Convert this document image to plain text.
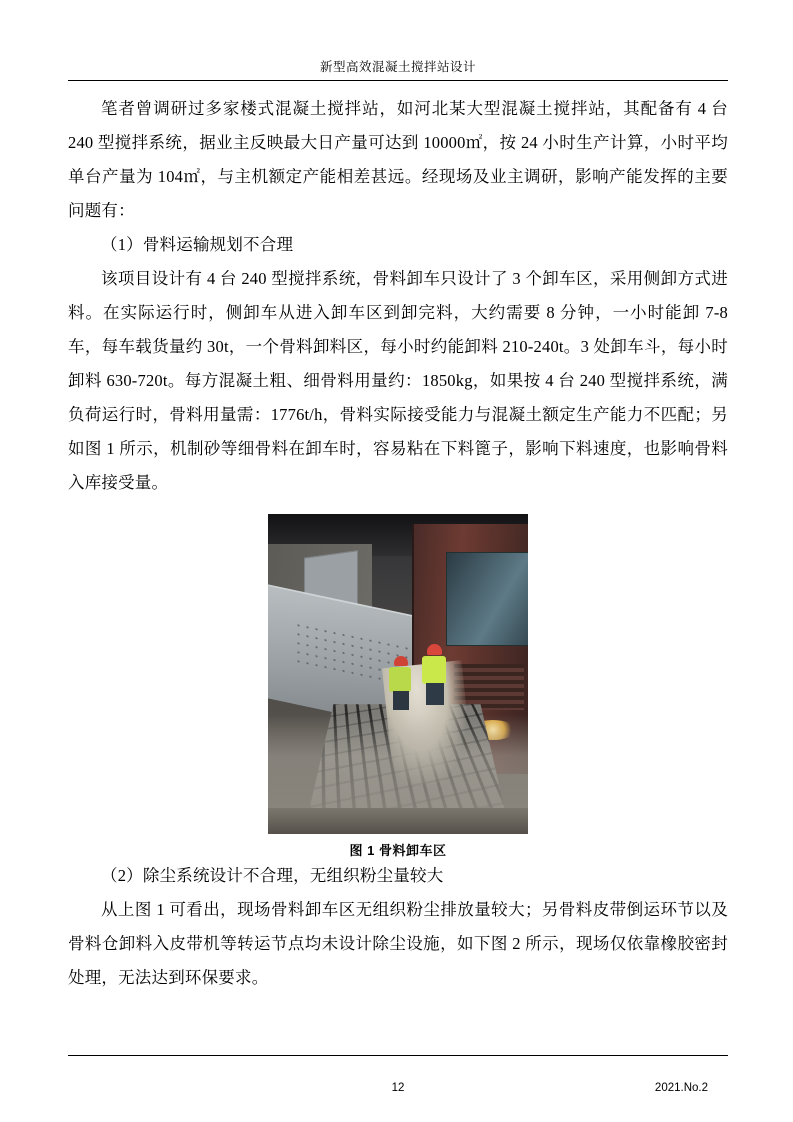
新型高效混凝土搅拌站设计

笔者曾调研过多家楼式混凝土搅拌站，如河北某大型混凝土搅拌站，其配备有 4 台 240 型搅拌系统，据业主反映最大日产量可达到 10000㎡，按 24 小时生产计算，小时平均单台产量为 104㎡，与主机额定产能相差甚远。经现场及业主调研，影响产能发挥的主要问题有：

（1）骨料运输规划不合理

该项目设计有 4 台 240 型搅拌系统，骨料卸车只设计了 3 个卸车区，采用侧卸方式进料。在实际运行时，侧卸车从进入卸车区到卸完料，大约需要 8 分钟，一小时能卸 7-8 车，每车载货量约 30t，一个骨料卸料区，每小时约能卸料 210-240t。3 处卸车斗，每小时卸料 630-720t。每方混凝土粗、细骨料用量约：1850kg，如果按 4 台 240 型搅拌系统，满负荷运行时，骨料用量需：1776t/h，骨料实际接受能力与混凝土额定生产能力不匹配；另如图 1 所示，机制砂等细骨料在卸车时，容易粘在下料篦子，影响下料速度，也影响骨料入库接受量。

图 1 骨料卸车区

（2）除尘系统设计不合理，无组织粉尘量较大

从上图 1 可看出，现场骨料卸车区无组织粉尘排放量较大；另骨料皮带倒运环节以及骨料仓卸料入皮带机等转运节点均未设计除尘设施，如下图 2 所示，现场仅依靠橡胶密封处理，无法达到环保要求。

12	2021.No.2
